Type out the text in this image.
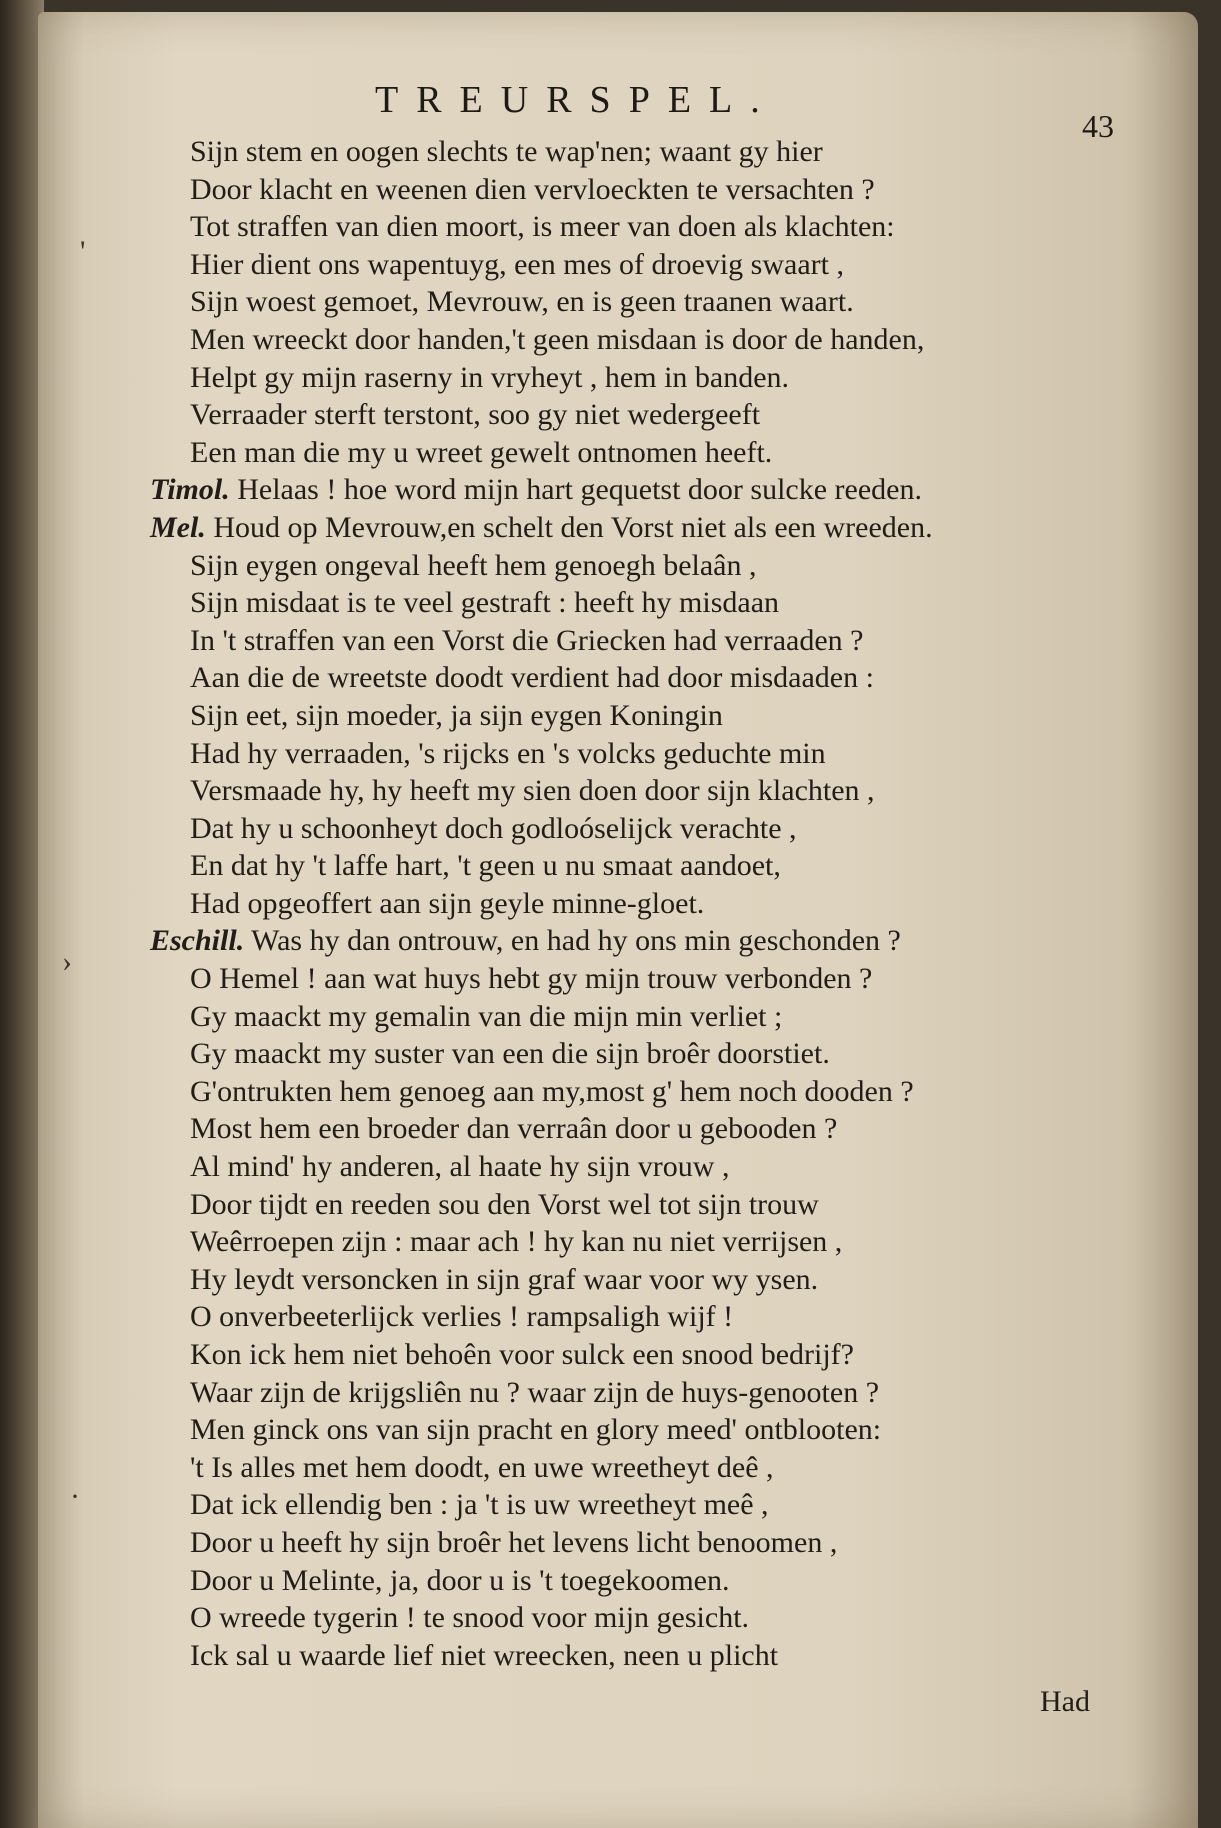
TREURSPEL.
43
Sijn stem en oogen slechts te wap'nen; waant gy hier
Door klacht en weenen dien vervloeckten te versachten ?
Tot straffen van dien moort, is meer van doen als klachten:
Hier dient ons wapentuyg, een mes of droevig swaart ,
Sijn woest gemoet, Mevrouw, en is geen traanen waart.
Men wreeckt door handen,'t geen misdaan is door de handen,
Helpt gy mijn raserny in vryheyt , hem in banden.
Verraader sterft terstont, soo gy niet wedergeeft
Een man die my u wreet gewelt ontnomen heeft.
Timol. Helaas ! hoe word mijn hart gequetst door sulcke reeden.
Mel. Houd op Mevrouw,en schelt den Vorst niet als een wreeden.
Sijn eygen ongeval heeft hem genoegh belaân ,
Sijn misdaat is te veel gestraft : heeft hy misdaan
In 't straffen van een Vorst die Griecken had verraaden ?
Aan die de wreetste doodt verdient had door misdaaden :
Sijn eet, sijn moeder, ja sijn eygen Koningin
Had hy verraaden, 's rijcks en 's volcks geduchte min
Versmaade hy, hy heeft my sien doen door sijn klachten ,
Dat hy u schoonheyt doch godloóselijck verachte ,
En dat hy 't laffe hart, 't geen u nu smaat aandoet,
Had opgeoffert aan sijn geyle minne-gloet.
Eschill. Was hy dan ontrouw, en had hy ons min geschonden ?
O Hemel ! aan wat huys hebt gy mijn trouw verbonden ?
Gy maackt my gemalin van die mijn min verliet ;
Gy maackt my suster van een die sijn broêr doorstiet.
G'ontrukten hem genoeg aan my,most g' hem noch dooden ?
Most hem een broeder dan verraân door u gebooden ?
Al mind' hy anderen, al haate hy sijn vrouw ,
Door tijdt en reeden sou den Vorst wel tot sijn trouw
Weêrroepen zijn : maar ach ! hy kan nu niet verrijsen ,
Hy leydt versoncken in sijn graf waar voor wy ysen.
O onverbeeterlijck verlies ! rampsaligh wijf !
Kon ick hem niet behoên voor sulck een snood bedrijf?
Waar zijn de krijgsliên nu ? waar zijn de huys-genooten ?
Men ginck ons van sijn pracht en glory meed' ontblooten:
't Is alles met hem doodt, en uwe wreetheyt deê ,
Dat ick ellendig ben : ja 't is uw wreetheyt meê ,
Door u heeft hy sijn broêr het levens licht benoomen ,
Door u Melinte, ja, door u is 't toegekoomen.
O wreede tygerin ! te snood voor mijn gesicht.
Ick sal u waarde lief niet wreecken, neen u plicht
Had
'
›
·
